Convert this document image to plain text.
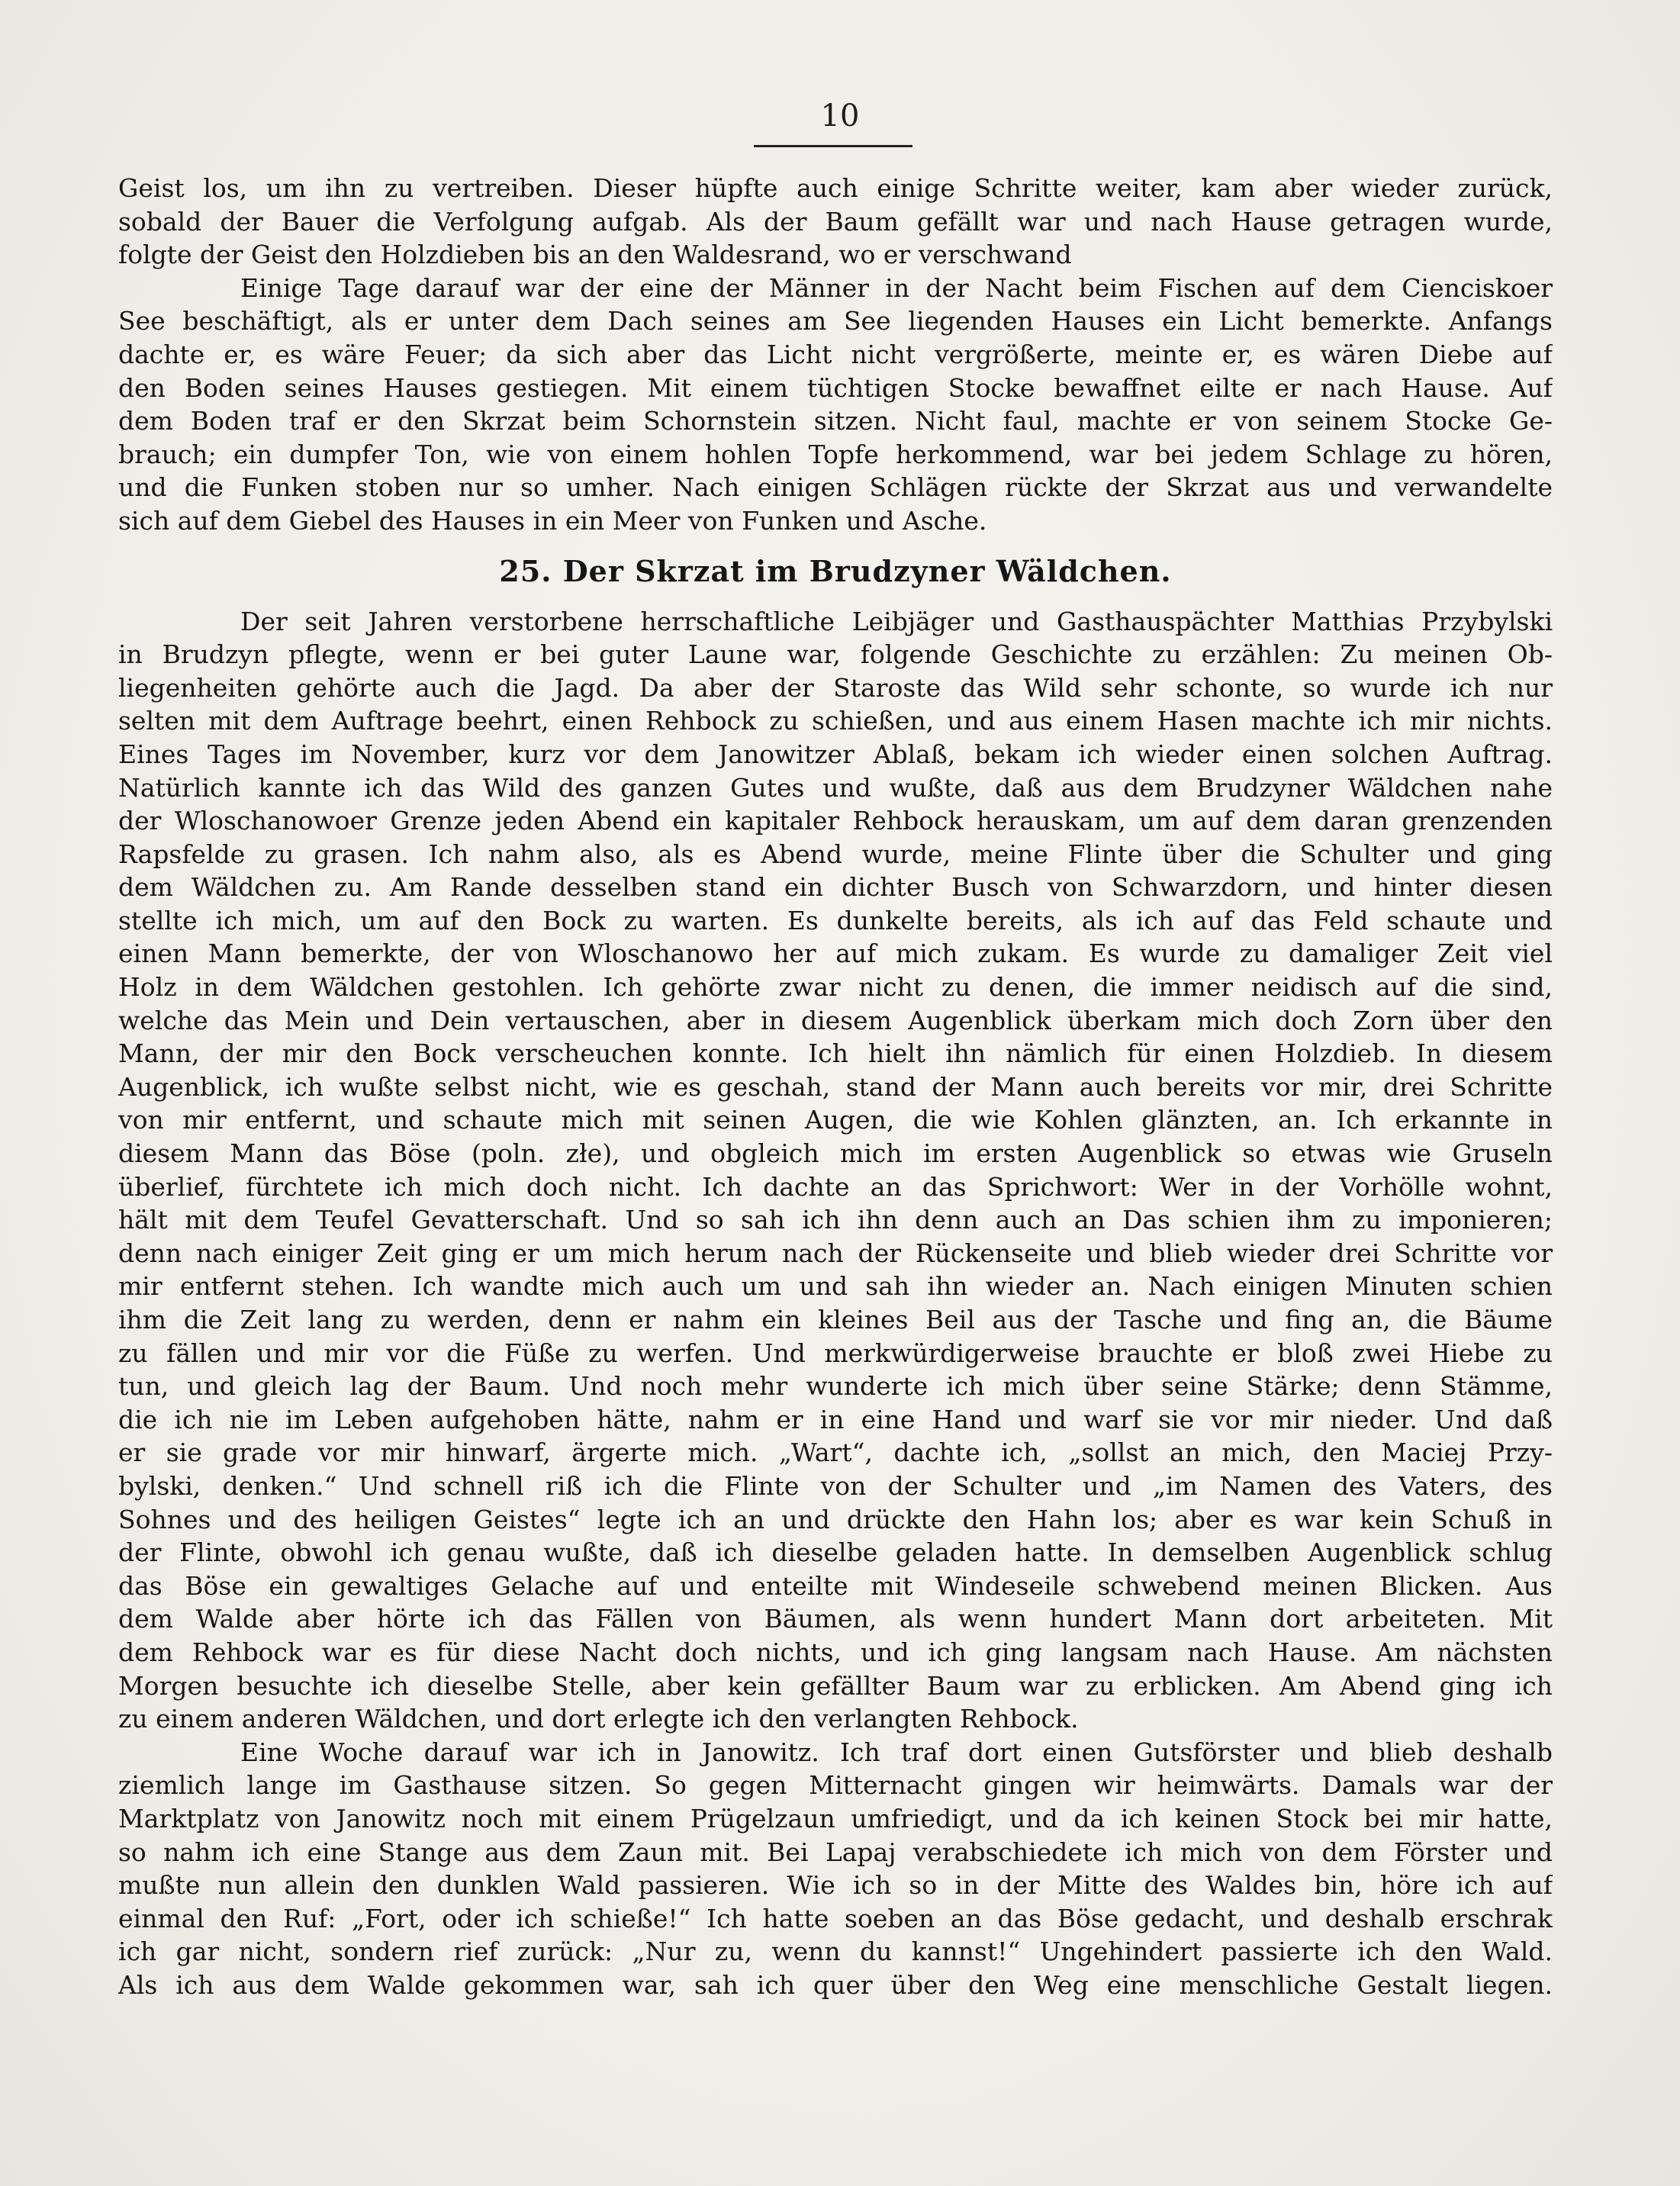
10
Geist los, um ihn zu vertreiben. Dieser hüpfte auch einige Schritte weiter, kam aber wieder zurück,
sobald der Bauer die Verfolgung aufgab. Als der Baum gefällt war und nach Hause getragen wurde,
folgte der Geist den Holzdieben bis an den Waldesrand, wo er verschwand
Einige Tage darauf war der eine der Männer in der Nacht beim Fischen auf dem Cienciskoer
See beschäftigt, als er unter dem Dach seines am See liegenden Hauses ein Licht bemerkte. Anfangs
dachte er, es wäre Feuer; da sich aber das Licht nicht vergrößerte, meinte er, es wären Diebe auf
den Boden seines Hauses gestiegen. Mit einem tüchtigen Stocke bewaffnet eilte er nach Hause. Auf
dem Boden traf er den Skrzat beim Schornstein sitzen. Nicht faul, machte er von seinem Stocke Ge-
brauch; ein dumpfer Ton, wie von einem hohlen Topfe herkommend, war bei jedem Schlage zu hören,
und die Funken stoben nur so umher. Nach einigen Schlägen rückte der Skrzat aus und verwandelte
sich auf dem Giebel des Hauses in ein Meer von Funken und Asche.
25. Der Skrzat im Brudzyner Wäldchen.
Der seit Jahren verstorbene herrschaftliche Leibjäger und Gasthauspächter Matthias Przybylski
in Brudzyn pflegte, wenn er bei guter Laune war, folgende Geschichte zu erzählen: Zu meinen Ob-
liegenheiten gehörte auch die Jagd. Da aber der Staroste das Wild sehr schonte, so wurde ich nur
selten mit dem Auftrage beehrt, einen Rehbock zu schießen, und aus einem Hasen machte ich mir nichts.
Eines Tages im November, kurz vor dem Janowitzer Ablaß, bekam ich wieder einen solchen Auftrag.
Natürlich kannte ich das Wild des ganzen Gutes und wußte, daß aus dem Brudzyner Wäldchen nahe
der Wloschanowoer Grenze jeden Abend ein kapitaler Rehbock herauskam, um auf dem daran grenzenden
Rapsfelde zu grasen. Ich nahm also, als es Abend wurde, meine Flinte über die Schulter und ging
dem Wäldchen zu. Am Rande desselben stand ein dichter Busch von Schwarzdorn, und hinter diesen
stellte ich mich, um auf den Bock zu warten. Es dunkelte bereits, als ich auf das Feld schaute und
einen Mann bemerkte, der von Wloschanowo her auf mich zukam. Es wurde zu damaliger Zeit viel
Holz in dem Wäldchen gestohlen. Ich gehörte zwar nicht zu denen, die immer neidisch auf die sind,
welche das Mein und Dein vertauschen, aber in diesem Augenblick überkam mich doch Zorn über den
Mann, der mir den Bock verscheuchen konnte. Ich hielt ihn nämlich für einen Holzdieb. In diesem
Augenblick, ich wußte selbst nicht, wie es geschah, stand der Mann auch bereits vor mir, drei Schritte
von mir entfernt, und schaute mich mit seinen Augen, die wie Kohlen glänzten, an. Ich erkannte in
diesem Mann das Böse (poln. złe), und obgleich mich im ersten Augenblick so etwas wie Gruseln
überlief, fürchtete ich mich doch nicht. Ich dachte an das Sprichwort: Wer in der Vorhölle wohnt,
hält mit dem Teufel Gevatterschaft. Und so sah ich ihn denn auch an Das schien ihm zu imponieren;
denn nach einiger Zeit ging er um mich herum nach der Rückenseite und blieb wieder drei Schritte vor
mir entfernt stehen. Ich wandte mich auch um und sah ihn wieder an. Nach einigen Minuten schien
ihm die Zeit lang zu werden, denn er nahm ein kleines Beil aus der Tasche und fing an, die Bäume
zu fällen und mir vor die Füße zu werfen. Und merkwürdigerweise brauchte er bloß zwei Hiebe zu
tun, und gleich lag der Baum. Und noch mehr wunderte ich mich über seine Stärke; denn Stämme,
die ich nie im Leben aufgehoben hätte, nahm er in eine Hand und warf sie vor mir nieder. Und daß
er sie grade vor mir hinwarf, ärgerte mich. „Wart“, dachte ich, „sollst an mich, den Maciej Przy-
bylski, denken.“ Und schnell riß ich die Flinte von der Schulter und „im Namen des Vaters, des
Sohnes und des heiligen Geistes“ legte ich an und drückte den Hahn los; aber es war kein Schuß in
der Flinte, obwohl ich genau wußte, daß ich dieselbe geladen hatte. In demselben Augenblick schlug
das Böse ein gewaltiges Gelache auf und enteilte mit Windeseile schwebend meinen Blicken. Aus
dem Walde aber hörte ich das Fällen von Bäumen, als wenn hundert Mann dort arbeiteten. Mit
dem Rehbock war es für diese Nacht doch nichts, und ich ging langsam nach Hause. Am nächsten
Morgen besuchte ich dieselbe Stelle, aber kein gefällter Baum war zu erblicken. Am Abend ging ich
zu einem anderen Wäldchen, und dort erlegte ich den verlangten Rehbock.
Eine Woche darauf war ich in Janowitz. Ich traf dort einen Gutsförster und blieb deshalb
ziemlich lange im Gasthause sitzen. So gegen Mitternacht gingen wir heimwärts. Damals war der
Marktplatz von Janowitz noch mit einem Prügelzaun umfriedigt, und da ich keinen Stock bei mir hatte,
so nahm ich eine Stange aus dem Zaun mit. Bei Lapaj verabschiedete ich mich von dem Förster und
mußte nun allein den dunklen Wald passieren. Wie ich so in der Mitte des Waldes bin, höre ich auf
einmal den Ruf: „Fort, oder ich schieße!“ Ich hatte soeben an das Böse gedacht, und deshalb erschrak
ich gar nicht, sondern rief zurück: „Nur zu, wenn du kannst!“ Ungehindert passierte ich den Wald.
Als ich aus dem Walde gekommen war, sah ich quer über den Weg eine menschliche Gestalt liegen.
